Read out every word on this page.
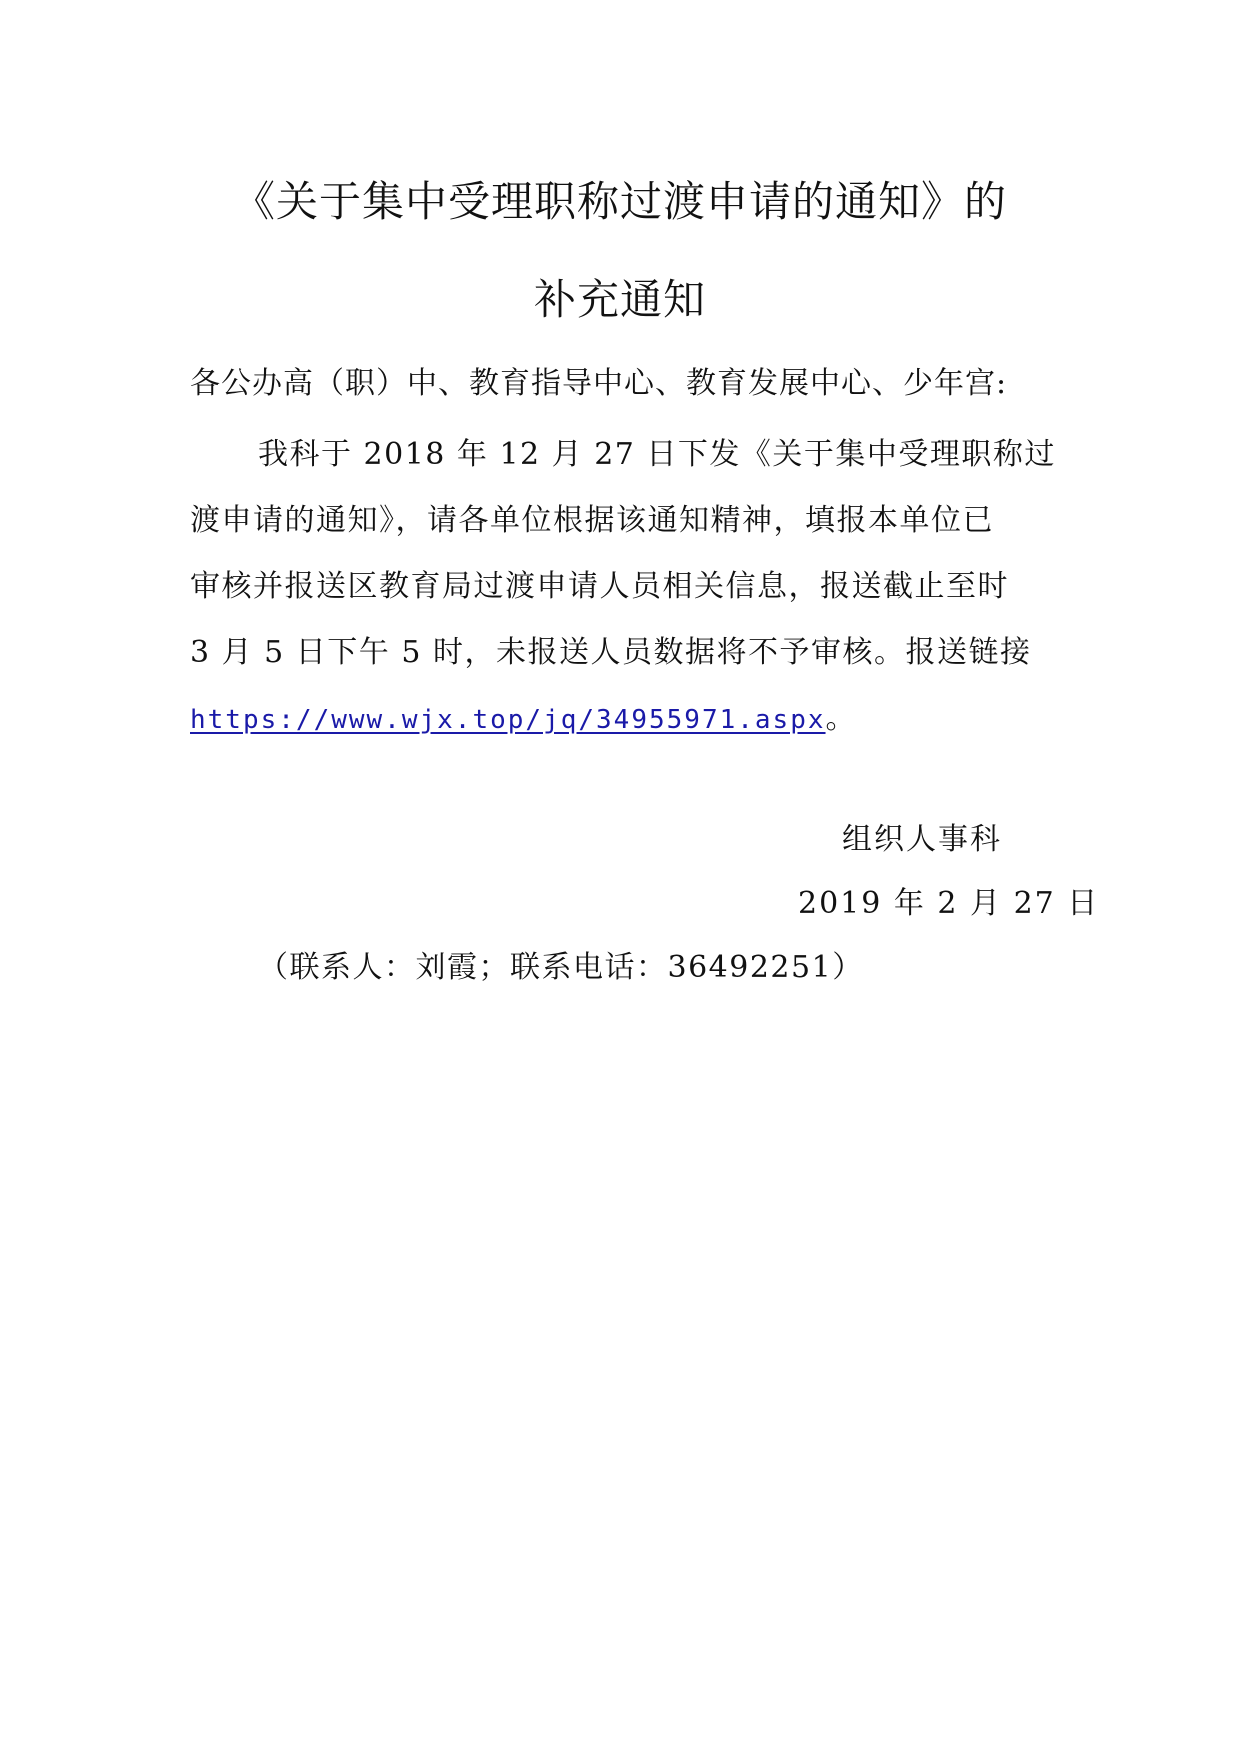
《关于集中受理职称过渡申请的通知》的
补充通知
各公办高（职）中、教育指导中心、教育发展中心、少年宫:
我科于 2018 年 12 月 27 日下发《关于集中受理职称过
渡申请的通知》，请各单位根据该通知精神，填报本单位已
审核并报送区教育局过渡申请人员相关信息，报送截止至时
3 月 5 日下午 5 时，未报送人员数据将不予审核。报送链接
https://www.wjx.top/jq/34955971.aspx。
组织人事科
2019 年 2 月 27 日
（联系人：刘霞；联系电话：36492251）
